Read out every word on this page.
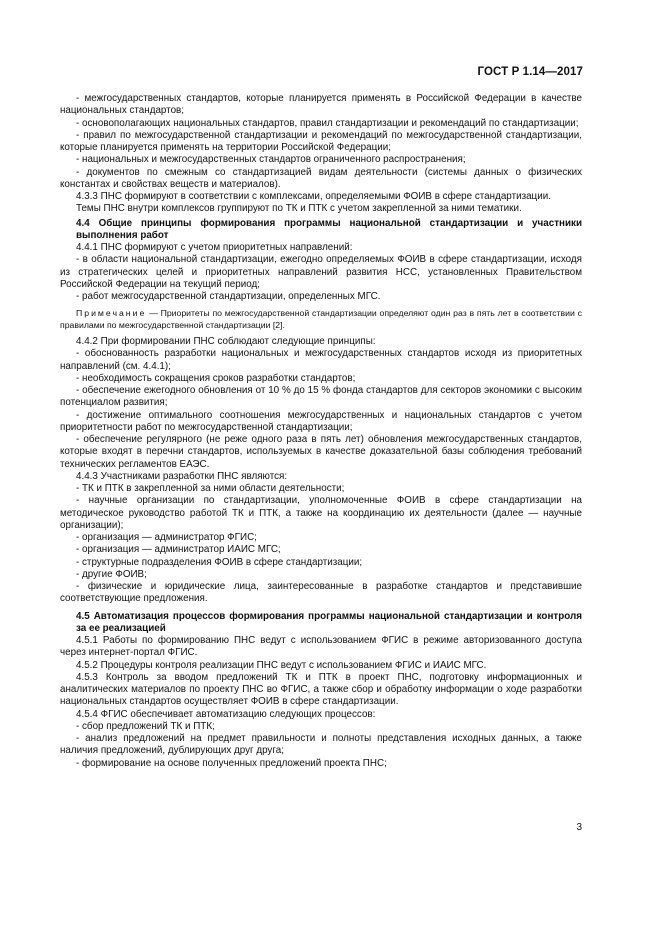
ГОСТ Р 1.14—2017

- межгосударственных стандартов, которые планируется применять в Российской Федерации в качестве национальных стандартов;

- основополагающих национальных стандартов, правил стандартизации и рекомендаций по стандартизации;

- правил по межгосударственной стандартизации и рекомендаций по межгосударственной стандартизации, которые планируется применять на территории Российской Федерации;

- национальных и межгосударственных стандартов ограниченного распространения;

- документов по смежным со стандартизацией видам деятельности (системы данных о физических константах и свойствах веществ и материалов).

4.3.3 ПНС формируют в соответствии с комплексами, определяемыми ФОИВ в сфере стандартизации.

Темы ПНС внутри комплексов группируют по ТК и ПТК с учетом закрепленной за ними тематики.

4.4 Общие принципы формирования программы национальной стандартизации и участники выполнения работ

4.4.1 ПНС формируют с учетом приоритетных направлений:

- в области национальной стандартизации, ежегодно определяемых ФОИВ в сфере стандартизации, исходя из стратегических целей и приоритетных направлений развития НСС, установленных Правительством Российской Федерации на текущий период;

- работ межгосударственной стандартизации, определенных МГС.

Примечание — Приоритеты по межгосударственной стандартизации определяют один раз в пять лет в соответствии с правилами по межгосударственной стандартизации [2].

4.4.2 При формировании ПНС соблюдают следующие принципы:

- обоснованность разработки национальных и межгосударственных стандартов исходя из приоритетных направлений (см. 4.4.1);

- необходимость сокращения сроков разработки стандартов;

- обеспечение ежегодного обновления от 10 % до 15 % фонда стандартов для секторов экономики с высоким потенциалом развития;

- достижение оптимального соотношения межгосударственных и национальных стандартов с учетом приоритетности работ по межгосударственной стандартизации;

- обеспечение регулярного (не реже одного раза в пять лет) обновления межгосударственных стандартов, которые входят в перечни стандартов, используемых в качестве доказательной базы соблюдения требований технических регламентов ЕАЭС.

4.4.3 Участниками разработки ПНС являются:

- ТК и ПТК в закрепленной за ними области деятельности;

- научные организации по стандартизации, уполномоченные ФОИВ в сфере стандартизации на методическое руководство работой ТК и ПТК, а также на координацию их деятельности (далее — научные организации);

- организация — администратор ФГИС;

- организация — администратор ИАИС МГС;

- структурные подразделения ФОИВ в сфере стандартизации;

- другие ФОИВ;

- физические и юридические лица, заинтересованные в разработке стандартов и представившие соответствующие предложения.

4.5 Автоматизация процессов формирования программы национальной стандартизации и контроля за ее реализацией

4.5.1 Работы по формированию ПНС ведут с использованием ФГИС в режиме авторизованного доступа через интернет-портал ФГИС.

4.5.2 Процедуры контроля реализации ПНС ведут с использованием ФГИС и ИАИС МГС.

4.5.3 Контроль за вводом предложений ТК и ПТК в проект ПНС, подготовку информационных и аналитических материалов по проекту ПНС во ФГИС, а также сбор и обработку информации о ходе разработки национальных стандартов осуществляет ФОИВ в сфере стандартизации.

4.5.4 ФГИС обеспечивает автоматизацию следующих процессов:

- сбор предложений ТК и ПТК;

- анализ предложений на предмет правильности и полноты представления исходных данных, а также наличия предложений, дублирующих друг друга;

- формирование на основе полученных предложений проекта ПНС;

3
